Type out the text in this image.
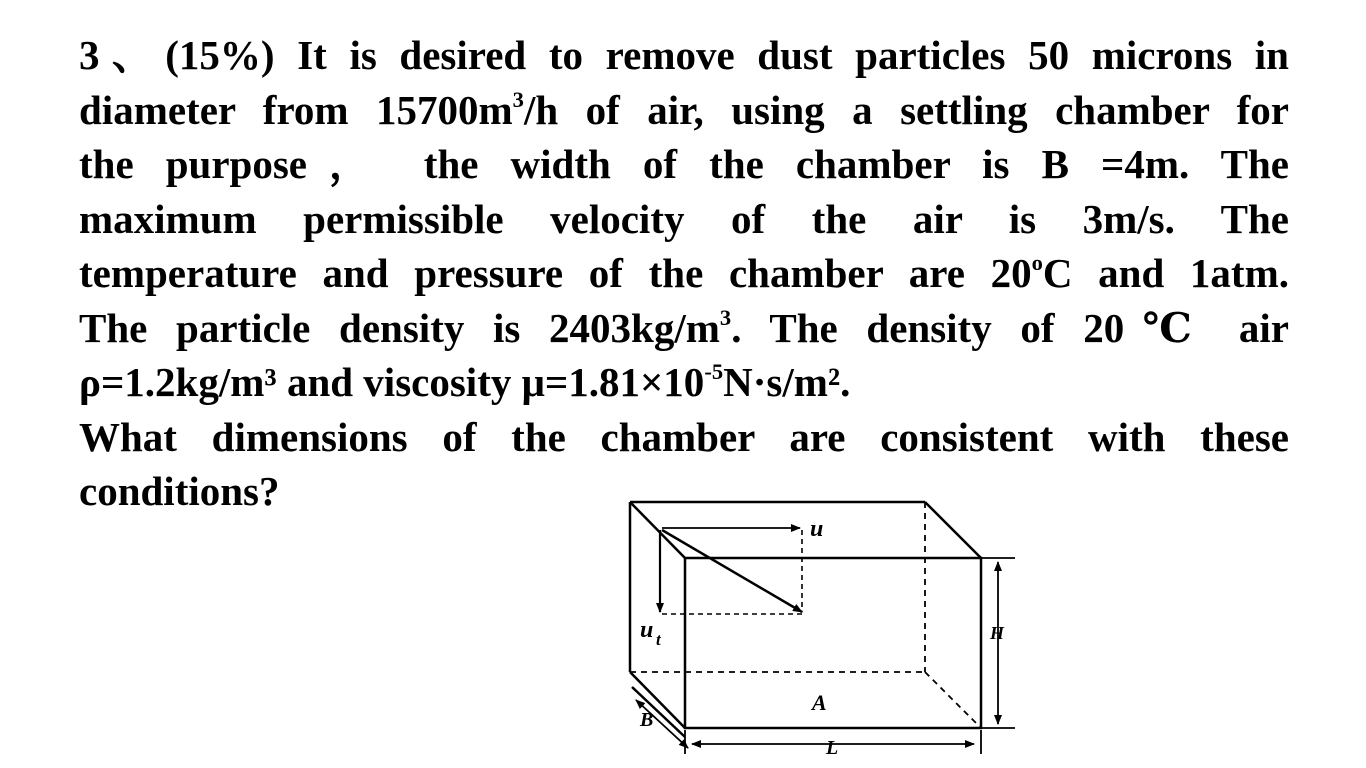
3、(15%) It is desired to remove dust particles 50 microns in
diameter from $15700m^3/h$ of air, using a settling chamber for
the purpose， the width of the chamber is B =4m. The
maximum permissible velocity of the air is 3m/s. The
temperature and pressure of the chamber are 20$^o$C and 1atm.
The particle density is $2403kg/m^3$. The density of 20℃ air
ρ=1.2kg/m³ and viscosity $\mu=1.81\times 10^{-5}N\cdot s/m^2$.
What dimensions of the chamber are consistent with these
conditions?
u
u t	H
A
B
L
